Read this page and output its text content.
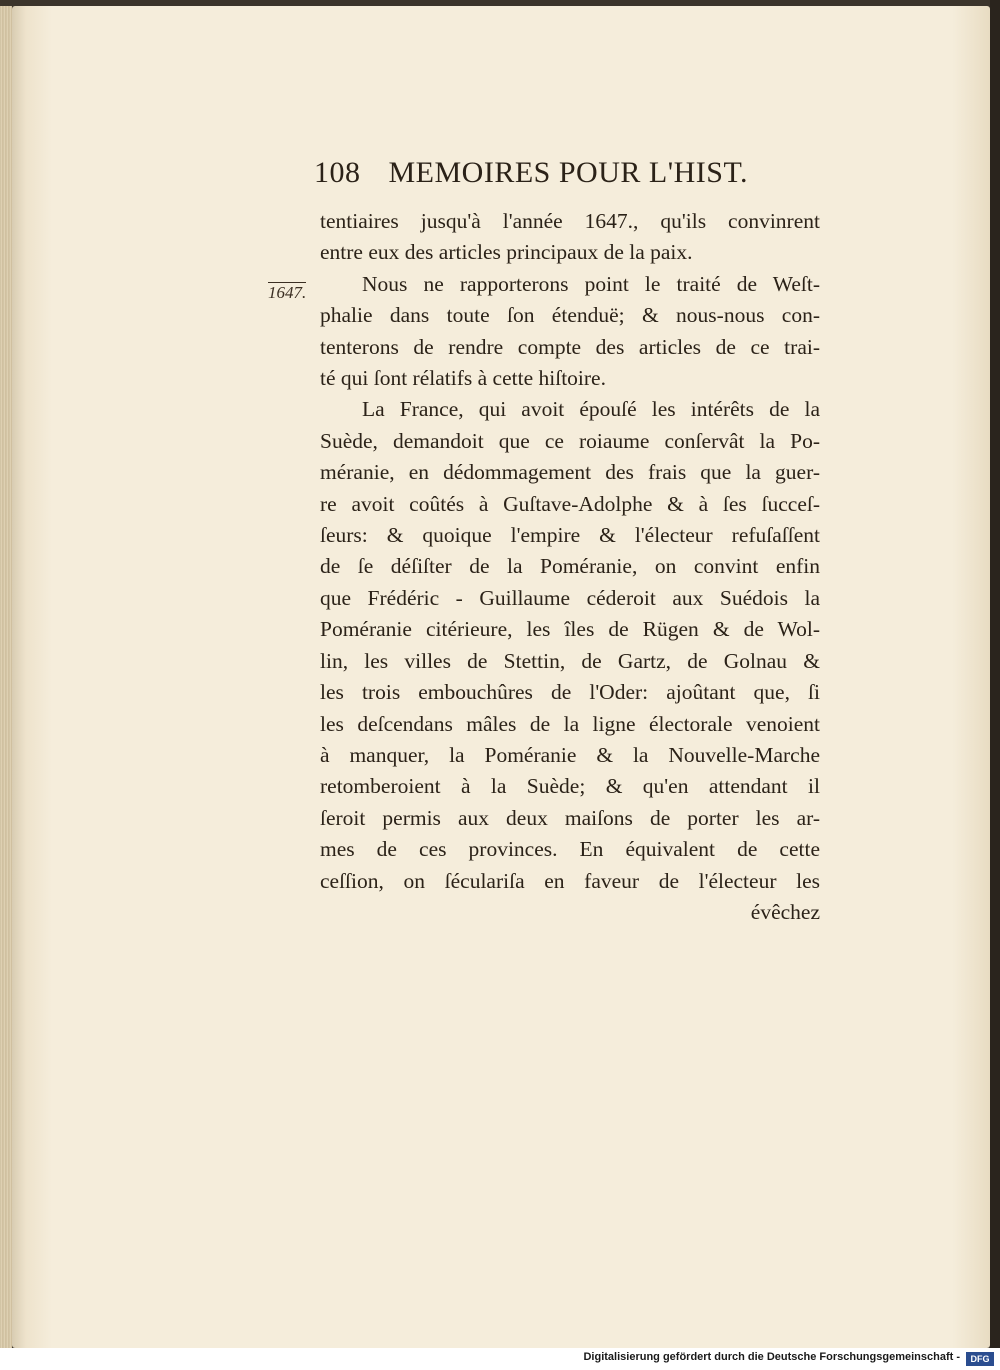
108 MEMOIRES POUR L'HIST.
1647.
tentiaires jusqu'à l'année 1647., qu'ils convinrent
entre eux des articles principaux de la paix.
Nous ne rapporterons point le traité de Weſt-
phalie dans toute ſon étenduë; & nous-nous con-
tenterons de rendre compte des articles de ce trai-
té qui ſont rélatifs à cette hiſtoire.
La France, qui avoit épouſé les intérêts de la
Suède, demandoit que ce roiaume conſervât la Po-
méranie, en dédommagement des frais que la guer-
re avoit coûtés à Guſtave-Adolphe & à ſes ſucceſ-
ſeurs: & quoique l'empire & l'électeur refuſaſſent
de ſe déſiſter de la Poméranie, on convint enfin
que Frédéric - Guillaume céderoit aux Suédois la
Poméranie citérieure, les îles de Rügen & de Wol-
lin, les villes de Stettin, de Gartz, de Golnau &
les trois embouchûres de l'Oder: ajoûtant que, ſi
les deſcendans mâles de la ligne électorale venoient
à manquer, la Poméranie & la Nouvelle-Marche
retomberoient à la Suède; & qu'en attendant il
ſeroit permis aux deux maiſons de porter les ar-
mes de ces provinces. En équivalent de cette
ceſſion, on ſéculariſa en faveur de l'électeur les
évêchez
Digitalisierung gefördert durch die Deutsche Forschungsgemeinschaft -	DFG
